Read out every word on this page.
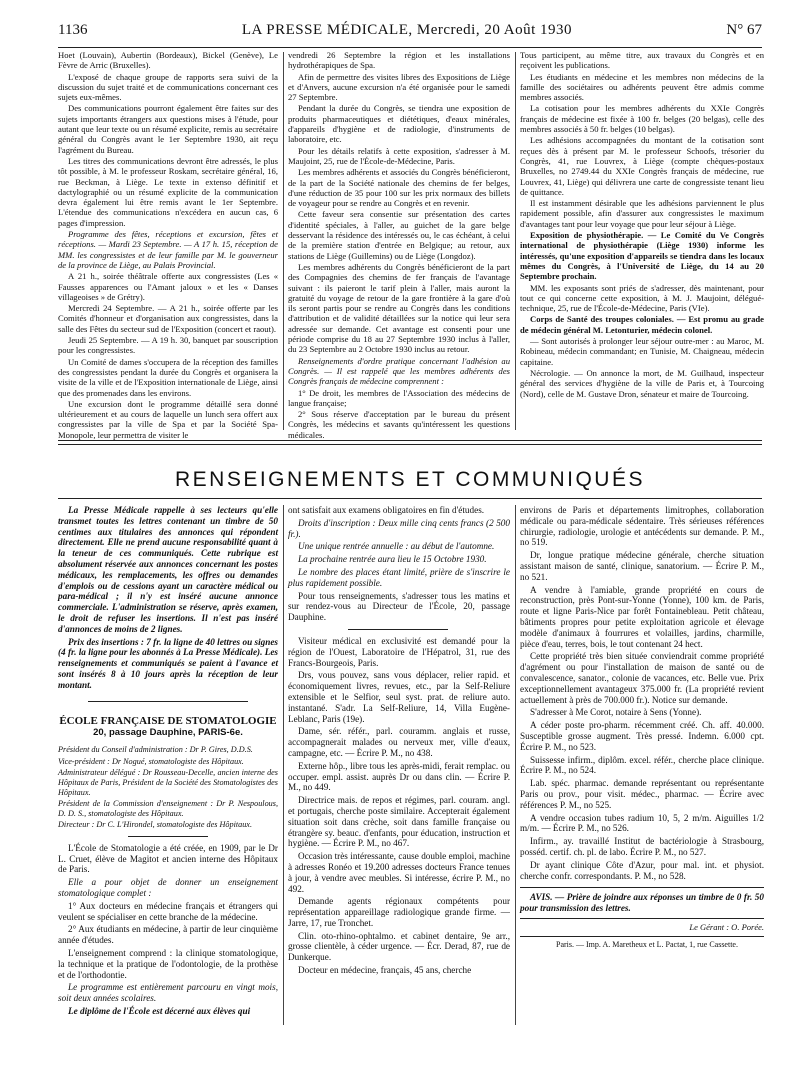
1136	LA PRESSE MÉDICALE, Mercredi, 20 Août 1930	N° 67

Hoet (Louvain), Aubertin (Bordeaux), Bickel (Genève), Le Fèvre de Arric (Bruxelles).

L'exposé de chaque groupe de rapports sera suivi de la discussion du sujet traité et de communications concernant ces sujets eux-mêmes.

Des communications pourront également être faites sur des sujets importants étrangers aux questions mises à l'étude, pour autant que leur texte ou un résumé explicite, remis au secrétaire général du Congrès avant le 1er Septembre 1930, ait reçu l'agrément du Bureau.

Les titres des communications devront être adressés, le plus tôt possible, à M. le professeur Roskam, secrétaire général, 16, rue Beckman, à Liège. Le texte in extenso définitif et dactylographié ou un résumé explicite de la communication devra également lui être remis avant le 1er Septembre. L'étendue des communications n'excédera en aucun cas, 6 pages d'impression.

Programme des fêtes, réceptions et excursion, fêtes et réceptions. — Mardi 23 Septembre. — A 17 h. 15, réception de MM. les congressistes et de leur famille par M. le gouverneur de la province de Liège, au Palais Provincial.

A 21 h., soirée théâtrale offerte aux congressistes (Les « Fausses apparences ou l'Amant jaloux » et les « Danses villageoises » de Grétry).

Mercredi 24 Septembre. — A 21 h., soirée offerte par les Comités d'honneur et d'organisation aux congressistes, dans la salle des Fêtes du secteur sud de l'Exposition (concert et raout).

Jeudi 25 Septembre. — A 19 h. 30, banquet par souscription pour les congressistes.

Un Comité de dames s'occupera de la réception des familles des congressistes pendant la durée du Congrès et organisera la visite de la ville et de l'Exposition internationale de Liège, ainsi que des promenades dans les environs.

Une excursion dont le programme détaillé sera donné ultérieurement et au cours de laquelle un lunch sera offert aux congressistes par la ville de Spa et par la Société Spa-Monopole, leur permettra de visiter le

vendredi 26 Septembre la région et les installations hydrothérapiques de Spa.

Afin de permettre des visites libres des Expositions de Liège et d'Anvers, aucune excursion n'a été organisée pour le samedi 27 Septembre.

Pendant la durée du Congrès, se tiendra une exposition de produits pharmaceutiques et diététiques, d'eaux minérales, d'appareils d'hygiène et de radiologie, d'instruments de laboratoire, etc.

Pour les détails relatifs à cette exposition, s'adresser à M. Maujoint, 25, rue de l'École-de-Médecine, Paris.

Les membres adhérents et associés du Congrès bénéficieront, de la part de la Société nationale des chemins de fer belges, d'une réduction de 35 pour 100 sur les prix normaux des billets de voyageur pour se rendre au Congrès et en revenir.

Cette faveur sera consentie sur présentation des cartes d'identité spéciales, à l'aller, au guichet de la gare belge desservant la résidence des intéressés ou, le cas échéant, à celui de la première station d'entrée en Belgique; au retour, aux stations de Liège (Guillemins) ou de Liège (Longdoz).

Les membres adhérents du Congrès bénéficieront de la part des Compagnies des chemins de fer français de l'avantage suivant : ils paieront le tarif plein à l'aller, mais auront la gratuité du voyage de retour de la gare frontière à la gare d'où ils seront partis pour se rendre au Congrès dans les conditions d'attribution et de validité détaillées sur la notice qui leur sera adressée sur demande. Cet avantage est consenti pour une période comprise du 18 au 27 Septembre 1930 inclus à l'aller, du 23 Septembre au 2 Octobre 1930 inclus au retour.

Renseignements d'ordre pratique concernant l'adhésion au Congrès. — Il est rappelé que les membres adhérents des Congrès français de médecine comprennent :

1° De droit, les membres de l'Association des médecins de langue française;

2° Sous réserve d'acceptation par le bureau du présent Congrès, les médecins et savants qu'intéressent les questions médicales.

Tous participent, au même titre, aux travaux du Congrès et en reçoivent les publications.

Les étudiants en médecine et les membres non médecins de la famille des sociétaires ou adhérents peuvent être admis comme membres associés.

La cotisation pour les membres adhérents du XXIe Congrès français de médecine est fixée à 100 fr. belges (20 belgas), celle des membres associés à 50 fr. belges (10 belgas).

Les adhésions accompagnées du montant de la cotisation sont reçues dès à présent par M. le professeur Schoofs, trésorier du Congrès, 41, rue Louvrex, à Liège (compte chèques-postaux Bruxelles, no 2749.44 du XXIe Congrès français de médecine, rue Louvrex, 41, Liège) qui délivrera une carte de congressiste tenant lieu de quittance.

Il est instamment désirable que les adhésions parviennent le plus rapidement possible, afin d'assurer aux congressistes le maximum d'avantages tant pour leur voyage que pour leur séjour à Liège.

Exposition de physiothérapie. — Le Comité du Ve Congrès international de physiothérapie (Liège 1930) informe les intéressés, qu'une exposition d'appareils se tiendra dans les locaux mêmes du Congrès, à l'Université de Liège, du 14 au 20 Septembre prochain.

MM. les exposants sont priés de s'adresser, dès maintenant, pour tout ce qui concerne cette exposition, à M. J. Maujoint, délégué-technique, 25, rue de l'École-de-Médecine, Paris (VIe).

Corps de Santé des troupes coloniales. — Est promu au grade de médecin général M. Letonturier, médecin colonel.

— Sont autorisés à prolonger leur séjour outre-mer : au Maroc, M. Robineau, médecin commandant; en Tunisie, M. Chaigneau, médecin capitaine.

Nécrologie. — On annonce la mort, de M. Guilhaud, inspecteur général des services d'hygiène de la ville de Paris et, à Tourcoing (Nord), celle de M. Gustave Dron, sénateur et maire de Tourcoing.

RENSEIGNEMENTS ET COMMUNIQUÉS

La Presse Médicale rappelle à ses lecteurs qu'elle transmet toutes les lettres contenant un timbre de 50 centimes aux titulaires des annonces qui répondent directement. Elle ne prend aucune responsabilité quant à la teneur de ces communiqués. Cette rubrique est absolument réservée aux annonces concernant les postes médicaux, les remplacements, les offres ou demandes d'emplois ou de cessions ayant un caractère médical ou para-médical ; il n'y est inséré aucune annonce commerciale. L'administration se réserve, après examen, le droit de refuser les insertions. Il n'est pas inséré d'annonces de moins de 2 lignes.

Prix des insertions : 7 fr. la ligne de 40 lettres ou signes (4 fr. la ligne pour les abonnés à La Presse Médicale). Les renseignements et communiqués se paient à l'avance et sont insérés 8 à 10 jours après la réception de leur montant.

ÉCOLE FRANÇAISE DE STOMATOLOGIE

20, passage Dauphine, PARIS-6e.

Président du Conseil d'administration : Dr P. Gires, D.D.S.

Vice-président : Dr Nogué, stomatologiste des Hôpitaux.

Administrateur délégué : Dr Rousseau-Decelle, ancien interne des Hôpitaux de Paris, Président de la Société des Stomatologistes des Hôpitaux.

Président de la Commission d'enseignement : Dr P. Nespoulous, D. D. S., stomatologiste des Hôpitaux.

Directeur : Dr C. L'Hirondel, stomatologiste des Hôpitaux.

L'École de Stomatologie a été créée, en 1909, par le Dr L. Cruet, élève de Magitot et ancien interne des Hôpitaux de Paris.

Elle a pour objet de donner un enseignement stomatologique complet :

1° Aux docteurs en médecine français et étrangers qui veulent se spécialiser en cette branche de la médecine.

2° Aux étudiants en médecine, à partir de leur cinquième année d'études.

L'enseignement comprend : la clinique stomatologique, la technique et la pratique de l'odontologie, de la prothèse et de l'orthodontie.

Le programme est entièrement parcouru en vingt mois, soit deux années scolaires.

Le diplôme de l'École est décerné aux élèves qui

ont satisfait aux examens obligatoires en fin d'études.

Droits d'inscription : Deux mille cinq cents francs (2 500 fr.).

Une unique rentrée annuelle : au début de l'automne.

La prochaine rentrée aura lieu le 15 Octobre 1930.

Le nombre des places étant limité, prière de s'inscrire le plus rapidement possible.

Pour tous renseignements, s'adresser tous les matins et sur rendez-vous au Directeur de l'École, 20, passage Dauphine.

Visiteur médical en exclusivité est demandé pour la région de l'Ouest, Laboratoire de l'Hépatrol, 31, rue des Francs-Bourgeois, Paris.

Drs, vous pouvez, sans vous déplacer, relier rapid. et économiquement livres, revues, etc., par la Self-Reliure extensible et le Selfior, seul syst. prat. de reliure auto. instantané. S'adr. La Self-Reliure, 14, Villa Eugène-Leblanc, Paris (19e).

Dame, sér. référ., parl. couramm. anglais et russe, accompagnerait malades ou nerveux mer, ville d'eaux, campagne, etc. — Écrire P. M., no 438.

Externe hôp., libre tous les après-midi, ferait remplac. ou occuper. empl. assist. auprès Dr ou dans clin. — Écrire P. M., no 449.

Directrice mais. de repos et régimes, parl. couram. angl. et portugais, cherche poste similaire. Accepterait également situation soit dans crèche, soit dans famille française ou étrangère sy. beauc. d'enfants, pour éducation, instruction et hygiène. — Écrire P. M., no 467.

Occasion très intéressante, cause double emploi, machine à adresses Ronéo et 19.200 adresses docteurs France tenues à jour, à vendre avec meubles. Si intéresse, écrire P. M., no 492.

Demande agents régionaux compétents pour représentation appareillage radiologique grande firme. — Jarre, 17, rue Tronchet.

Clin. oto-rhino-ophtalmo. et cabinet dentaire, 9e arr., grosse clientèle, à céder urgence. — Écr. Derad, 87, rue de Dunkerque.

Docteur en médecine, français, 45 ans, cherche

environs de Paris et départements limitrophes, collaboration médicale ou para-médicale sédentaire. Très sérieuses références chirurgie, radiologie, urologie et antécédents sur demande. P. M., no 519.

Dr, longue pratique médecine générale, cherche situation assistant maison de santé, clinique, sanatorium. — Écrire P. M., no 521.

A vendre à l'amiable, grande propriété en cours de reconstruction, près Pont-sur-Yonne (Yonne), 100 km. de Paris, route et ligne Paris-Nice par forêt Fontainebleau. Petit château, bâtiments propres pour petite exploitation agricole et élevage modèle d'animaux à fourrures et volailles, jardins, charmille, pièce d'eau, terres, bois, le tout contenant 24 hect.

Cette propriété très bien située conviendrait comme propriété d'agrément ou pour l'installation de maison de santé ou de convalescence, sanator., colonie de vacances, etc. Belle vue. Prix exceptionnellement avantageux 375.000 fr. (La propriété revient actuellement à près de 700.000 fr.). Notice sur demande.

S'adresser à Me Corot, notaire à Sens (Yonne).

A céder poste pro-pharm. récemment créé. Ch. aff. 40.000. Susceptible grosse augment. Très pressé. Indemn. 6.000 cpt. Écrire P. M., no 523.

Suissesse infirm., diplôm. excel. référ., cherche place clinique. Écrire P. M., no 524.

Lab. spéc. pharmac. demande représentant ou représentante Paris ou prov., pour visit. médec., pharmac. — Écrire avec références P. M., no 525.

A vendre occasion tubes radium 10, 5, 2 m/m. Aiguilles 1/2 m/m. — Écrire P. M., no 526.

Infirm., ay. travaillé Institut de bactériologie à Strasbourg, posséd. certif. ch. pl. de labo. Écrire P. M., no 527.

Dr ayant clinique Côte d'Azur, pour mal. int. et physiot. cherche confr. correspondants. P. M., no 528.

AVIS. — Prière de joindre aux réponses un timbre de 0 fr. 50 pour transmission des lettres.

Le Gérant : O. Porée.

Paris. — Imp. A. Maretheux et L. Pactat, 1, rue Cassette.
